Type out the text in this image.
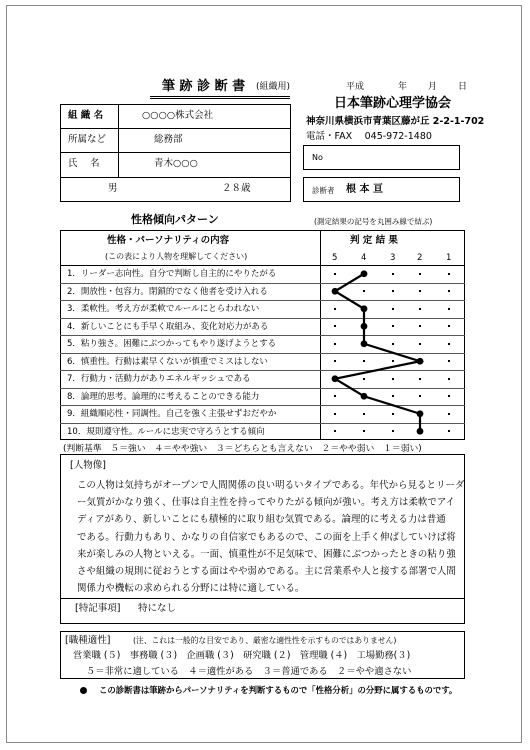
筆 跡 診 断 書 (組織用)	平成	年 月 日
日本筆跡心理学協会
神奈川県横浜市青葉区藤が丘 2-2-1-702
電話・FAX　 045-972-1480
組 織 名	○○○○株式会社
所属など	総務部
氏　 名	青木○○○
男	２８歳
No
診断者 根 本 亘
性格傾向パターン	(測定結果の記号を丸囲み線で結ぶ)
性格・パーソナリティの内容
(この表により人物を理解してください)
判 定 結 果
5	4	3	2	1
1．リーダー志向性。自分で判断し自主的にやりたがる
2．開放性・包容力。閉鎖的でなく他者を受け入れる
3．柔軟性。考え方が柔軟でルールにとらわれない
4．新しいことにも手早く取組み、変化対応力がある
5．粘り強さ。困難にぶつかってもやり遂げようとする
6．慎重性。行動は素早くないが慎重でミスはしない
7．行動力・活動力がありエネルギッシュである
8．論理的思考。論理的に考えることのできる能力
9．組織順応性・同調性。自己を強く主張せずおだやか
10．規則遵守性。ルールに忠実で守ろうとする傾向
(判断基準　５＝強い　４＝やや強い　３＝どちらとも言えない　２＝やや弱い　１＝弱い)
[人物像]
この人物は気持ちがオープンで人間関係の良い明るいタイプである。年代から見るとリーダ
ー気質がかなり強く、仕事は自主性を持ってやりたがる傾向が強い。考え方は柔軟でアイ
ディアがあり、新しいことにも積極的に取り組む気質である。論理的に考える力は普通
である。行動力もあり、かなりの自信家でもあるので、この面を上手く伸ばしていけば将
来が楽しみの人物といえる。一面、慎重性が不足気味で、困難にぶつかったときの粘り強
さや組織の規則に従おうとする面はやや弱めである。主に営業系や人と接する部署で人間
関係力や機転の求められる分野には特に適している。
[特記事項] 特になし
[職種適性]	(注、これは一般的な目安であり、厳密な適性性を示すものではありません)
営業職 (５)　事務職 (３)　企画職 (３)　研究職 (２)　管理職 (４)　工場勤務(３)
５＝非常に適している　４＝適性がある　３＝普通である　２＝やや適さない
この診断書は筆跡からパーソナリティを判断するもので「性格分析」の分野に属するものです。
